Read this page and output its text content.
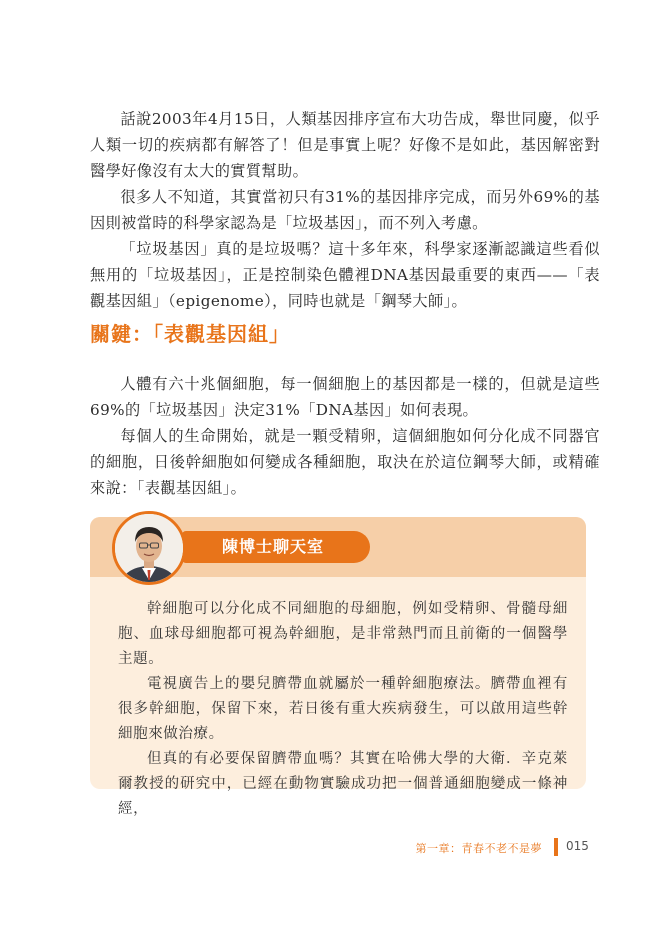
話說2003年4月15日，人類基因排序宣布大功告成，舉世同慶，似乎人類一切的疾病都有解答了！但是事實上呢？好像不是如此，基因解密對醫學好像沒有太大的實質幫助。

很多人不知道，其實當初只有31%的基因排序完成，而另外69%的基因則被當時的科學家認為是「垃圾基因」，而不列入考慮。

「垃圾基因」真的是垃圾嗎？這十多年來，科學家逐漸認識這些看似無用的「垃圾基因」，正是控制染色體裡DNA基因最重要的東西——「表觀基因組」（epigenome），同時也就是「鋼琴大師」。

關鍵：「表觀基因組」

人體有六十兆個細胞，每一個細胞上的基因都是一樣的，但就是這些69%的「垃圾基因」決定31%「DNA基因」如何表現。

每個人的生命開始，就是一顆受精卵，這個細胞如何分化成不同器官的細胞，日後幹細胞如何變成各種細胞，取決在於這位鋼琴大師，或精確來說：「表觀基因組」。

陳博士聊天室

幹細胞可以分化成不同細胞的母細胞，例如受精卵、骨髓母細胞、血球母細胞都可視為幹細胞，是非常熱門而且前衛的一個醫學主題。

電視廣告上的嬰兒臍帶血就屬於一種幹細胞療法。臍帶血裡有很多幹細胞，保留下來，若日後有重大疾病發生，可以啟用這些幹細胞來做治療。

但真的有必要保留臍帶血嗎？其實在哈佛大學的大衛．辛克萊爾教授的研究中，已經在動物實驗成功把一個普通細胞變成一條神經，

第一章：青春不老不是夢 015
